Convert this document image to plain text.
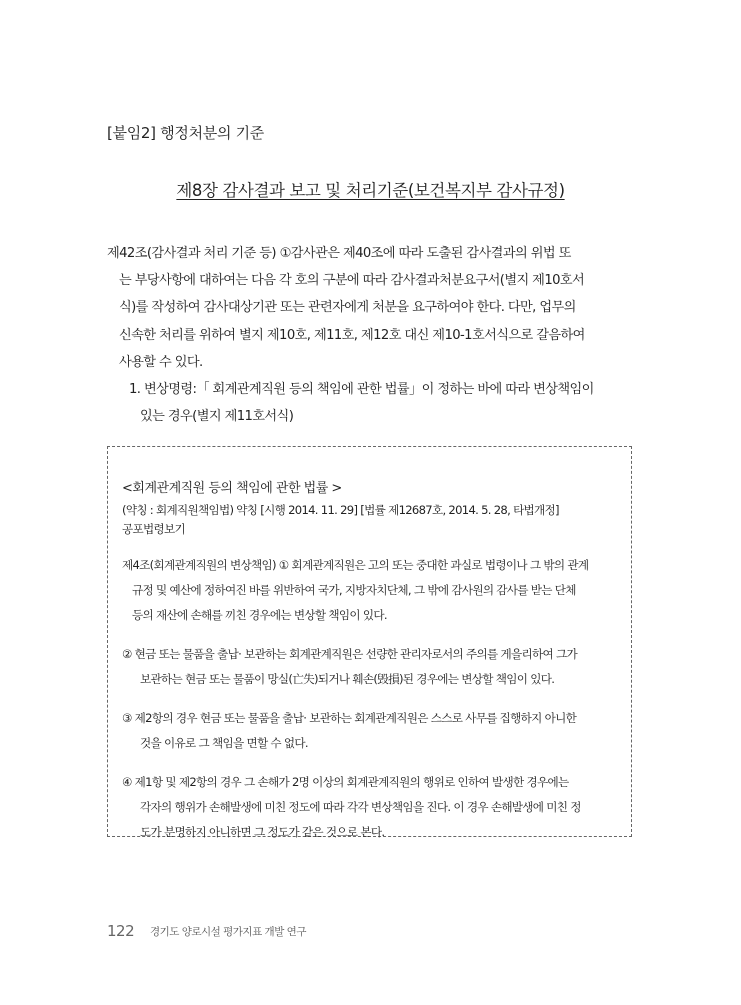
[붙임2] 행정처분의 기준
제8장 감사결과 보고 및 처리기준(보건복지부 감사규정)
제42조(감사결과 처리 기준 등) ①감사관은 제40조에 따라 도출된 감사결과의 위법 또
는 부당사항에 대하여는 다음 각 호의 구분에 따라 감사결과처분요구서(별지 제10호서
식)를 작성하여 감사대상기관 또는 관련자에게 처분을 요구하여야 한다. 다만, 업무의
신속한 처리를 위하여 별지 제10호, 제11호, 제12호 대신 제10-1호서식으로 갈음하여
사용할 수 있다.
1. 변상명령:「 회계관계직원 등의 책임에 관한 법률」이 정하는 바에 따라 변상책임이
있는 경우(별지 제11호서식)
<회계관계직원 등의 책임에 관한 법률 >
(약칭 : 회계직원책임법) 약칭 [시행 2014. 11. 29] [법률 제12687호, 2014. 5. 28, 타법개정]
공포법령보기
제4조(회계관계직원의 변상책임) ① 회계관계직원은 고의 또는 중대한 과실로 법령이나 그 밖의 관계
규정 및 예산에 정하여진 바를 위반하여 국가, 지방자치단체, 그 밖에 감사원의 감사를 받는 단체
등의 재산에 손해를 끼친 경우에는 변상할 책임이 있다.
② 현금 또는 물품을 출납· 보관하는 회계관계직원은 선량한 관리자로서의 주의를 게을리하여 그가
보관하는 현금 또는 물품이 망실(亡失)되거나 훼손(毁損)된 경우에는 변상할 책임이 있다.
③ 제2항의 경우 현금 또는 물품을 출납· 보관하는 회계관계직원은 스스로 사무를 집행하지 아니한
것을 이유로 그 책임을 면할 수 없다.
④ 제1항 및 제2항의 경우 그 손해가 2명 이상의 회계관계직원의 행위로 인하여 발생한 경우에는
각자의 행위가 손해발생에 미친 정도에 따라 각각 변상책임을 진다. 이 경우 손해발생에 미친 정
도가 분명하지 아니하면 그 정도가 같은 것으로 본다.
122 경기도 양로시설 평가지표 개발 연구
